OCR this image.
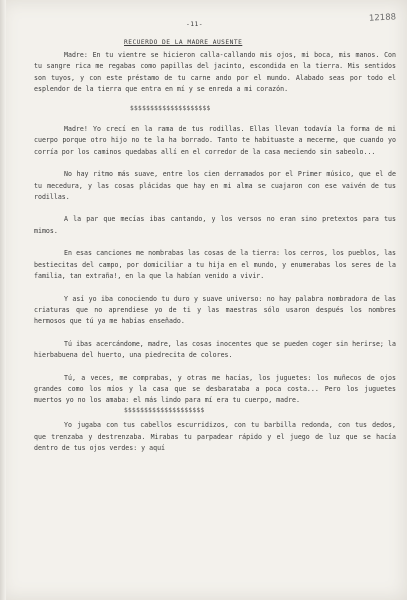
-11-
12188
RECUERDO DE LA MADRE AUSENTE

Madre: En tu vientre se hicieron calla-callando mis ojos, mi boca, mis manos. Con tu sangre rica me regabas como papillas del jacinto, escondida en la tierra. Mis sentidos son tuyos, y con este préstamo de tu carne ando por el mundo. Alabado seas por todo el esplendor de la tierra que entra en mí y se enreda a mi corazón.

$$$$$$$$$$$$$$$$$$$$

Madre! Yo crecí en la rama de tus rodillas. Ellas llevan todavía la forma de mi cuerpo porque otro hijo no te la ha borrado. Tanto te habituaste a mecerme, que cuando yo corría por los caminos quedabas allí en el corredor de la casa meciendo sin sabeolo...

No hay ritmo más suave, entre los cien derramados por el Primer músico, que el de tu mecedura, y las cosas plácidas que hay en mi alma se cuajaron con ese vaivén de tus rodillas.

A la par que mecías ibas cantando, y los versos no eran sino pretextos para tus mimos.

En esas canciones me nombrabas las cosas de la tierra: los cerros, los pueblos, las bestiecitas del campo, por domiciliar a tu hija en el mundo, y enumerabas los seres de la familia, tan extraña!, en la que la habían venido a vivir.

Y así yo iba conociendo tu duro y suave universo: no hay palabra nombradora de las criaturas que no aprendiese yo de ti y las maestras sólo usaron después los nombres hermosos que tú ya me habías enseñado.

Tú ibas acercándome, madre, las cosas inocentes que se pueden coger sin herirse; la hierbabuena del huerto, una piedrecita de colores.

Tú, a veces, me comprabas, y otras me hacías, los juguetes: los muñecos de ojos grandes como los míos y la casa que se desbarataba a poca costa... Pero los juguetes muertos yo no los amaba: el más lindo para mí era tu cuerpo, madre.

$$$$$$$$$$$$$$$$$$$$

Yo jugaba con tus cabellos escurridizos, con tu barbilla redonda, con tus dedos, que trenzaba y destrenzaba. Mirabas tu parpadear rápido y el juego de luz que se hacía dentro de tus ojos verdes: y aquí
